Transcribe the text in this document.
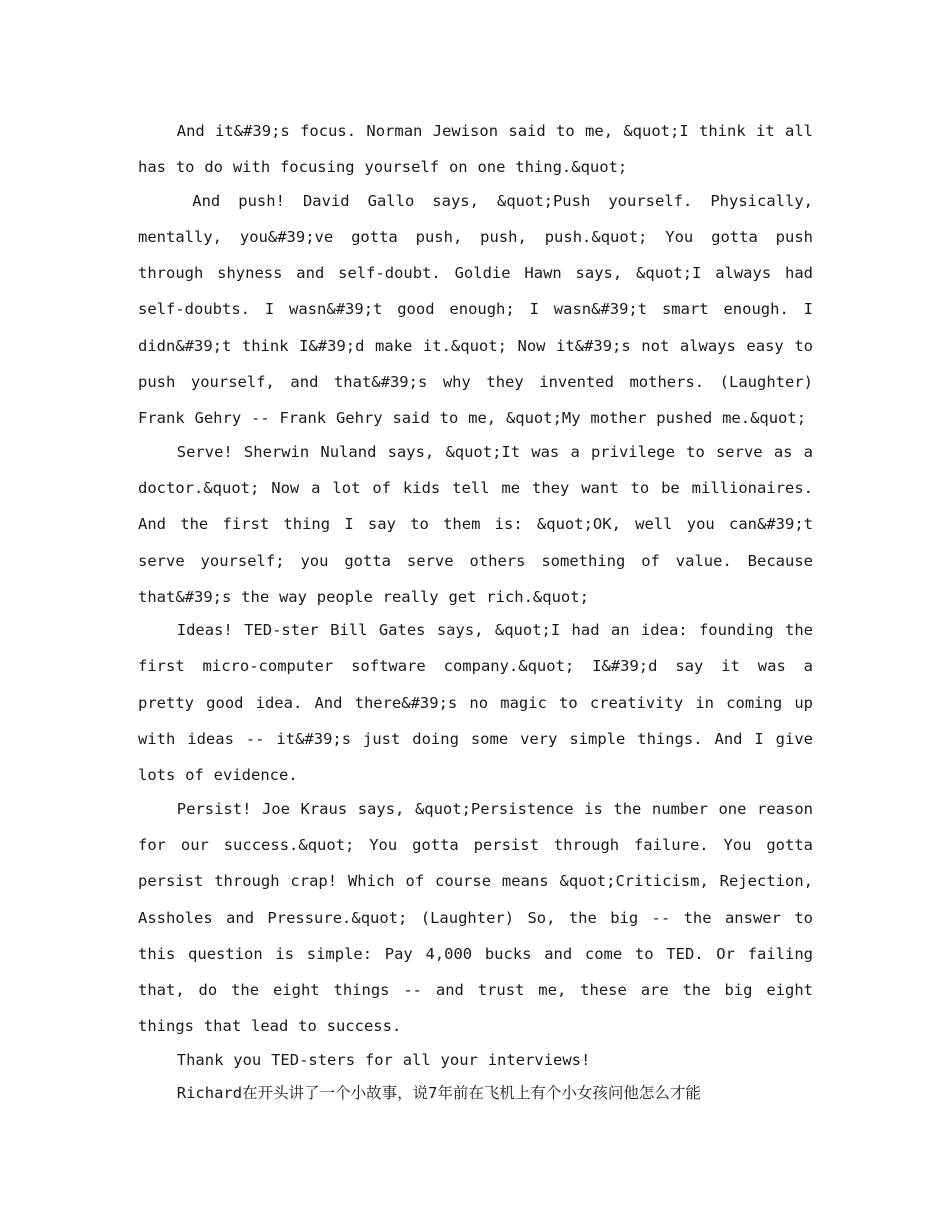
And it&#39;s focus. Norman Jewison said to me, &quot;I think it all has to do with focusing yourself on one thing.&quot;

And push! David Gallo says, &quot;Push yourself. Physically, mentally, you&#39;ve gotta push, push, push.&quot; You gotta push through shyness and self-doubt. Goldie Hawn says, &quot;I always had self-doubts. I wasn&#39;t good enough; I wasn&#39;t smart enough. I didn&#39;t think I&#39;d make it.&quot; Now it&#39;s not always easy to push yourself, and that&#39;s why they invented mothers. (Laughter) Frank Gehry -- Frank Gehry said to me, &quot;My mother pushed me.&quot;

Serve! Sherwin Nuland says, &quot;It was a privilege to serve as a doctor.&quot; Now a lot of kids tell me they want to be millionaires. And the first thing I say to them is: &quot;OK, well you can&#39;t serve yourself; you gotta serve others something of value. Because that&#39;s the way people really get rich.&quot;

Ideas! TED-ster Bill Gates says, &quot;I had an idea: founding the first micro-computer software company.&quot; I&#39;d say it was a pretty good idea. And there&#39;s no magic to creativity in coming up with ideas -- it&#39;s just doing some very simple things. And I give lots of evidence.

Persist! Joe Kraus says, &quot;Persistence is the number one reason for our success.&quot; You gotta persist through failure. You gotta persist through crap! Which of course means &quot;Criticism, Rejection, Assholes and Pressure.&quot; (Laughter) So, the big -- the answer to this question is simple: Pay 4,000 bucks and come to TED. Or failing that, do the eight things -- and trust me, these are the big eight things that lead to success.

Thank you TED-sters for all your interviews!

Richard在开头讲了一个小故事，说7年前在飞机上有个小女孩问他怎么才能
